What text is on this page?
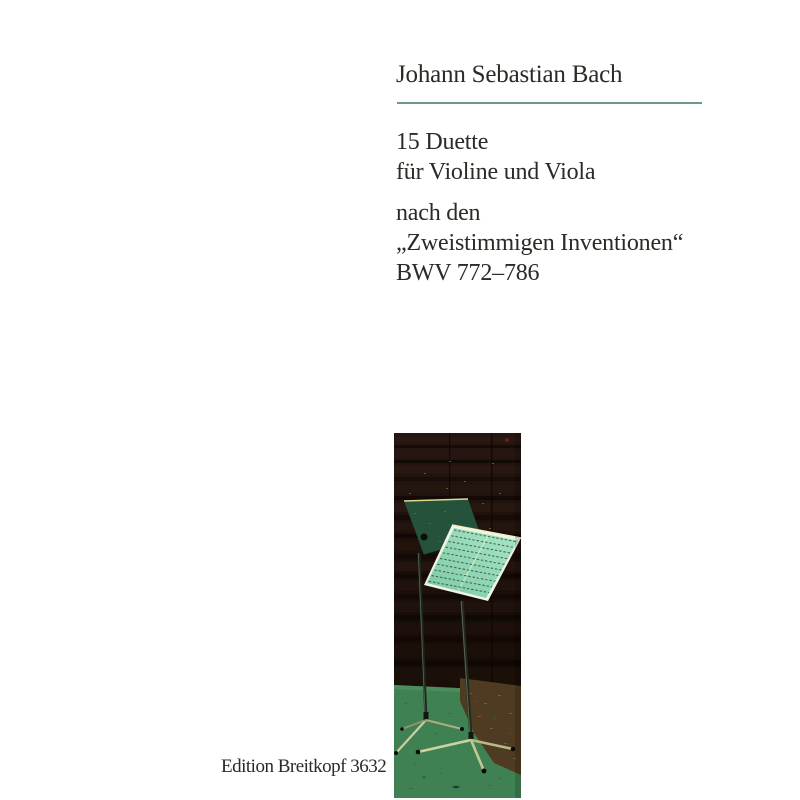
Johann Sebastian Bach
15 Duette
für Violine und Viola
nach den
„Zweistimmigen Inventionen“
BWV 772–786
Edition Breitkopf 3632
